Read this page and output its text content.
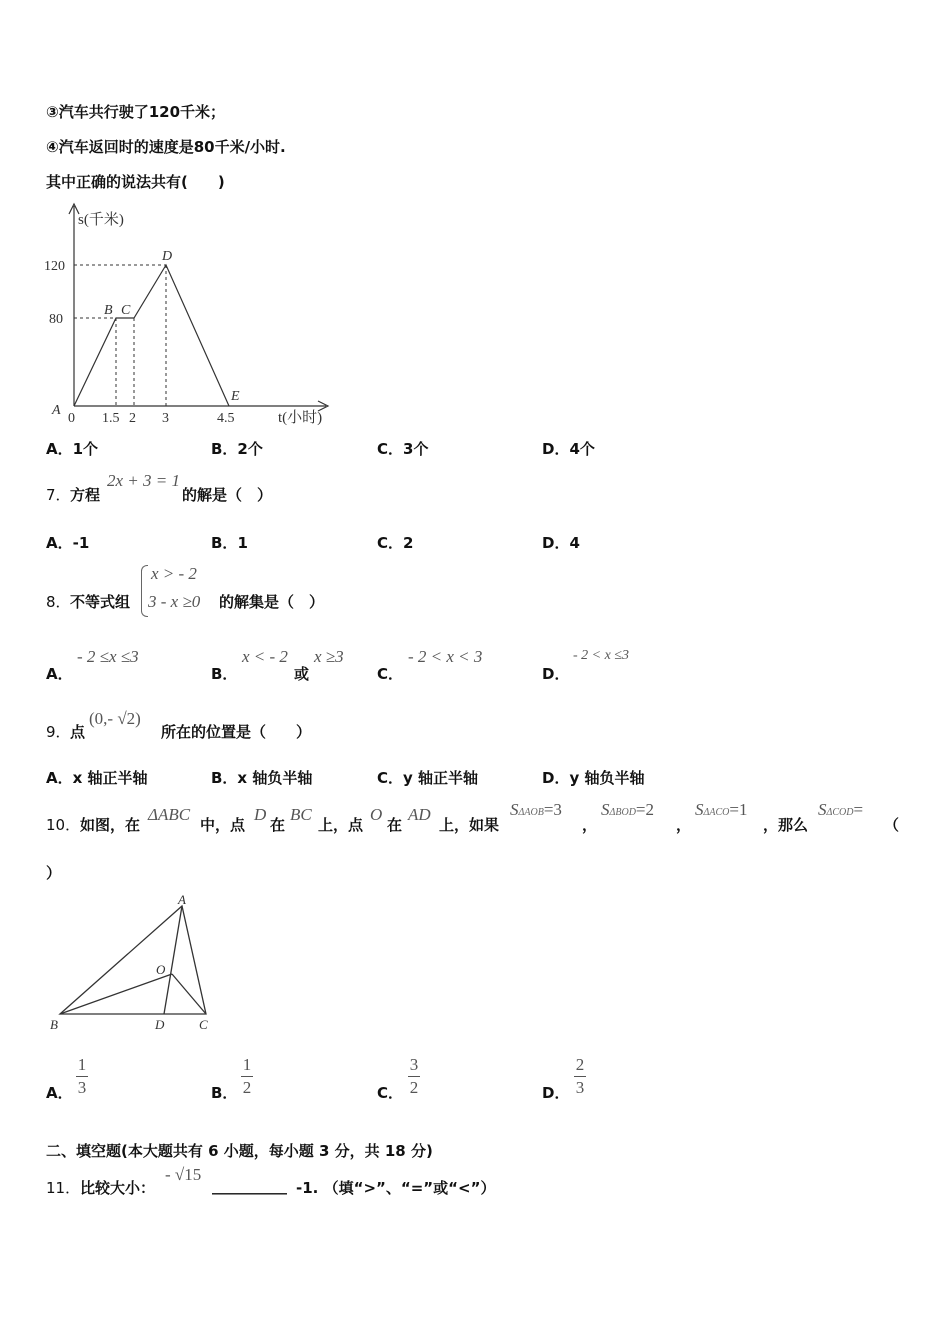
③汽车共行驶了120千米；
④汽车返回时的速度是80千米/小时.
其中正确的说法共有(　　)
s(千米)
120
80
0 1.5 2 3	4.5	t(小时)
A
B C
D
E
A．1个	B．2个	C．3个	D．4个
7． 方程
2x + 3 = 1
的解是（　）
A．-1	B．1	C．2	D．4
8． 不等式组
x > - 2
3 - x ≥0 的解集是（　）
A．
- 2 ≤x ≤3
B．
x < - 2
或
x ≥3
C．
- 2 < x < 3
D．
- 2 < x ≤3
9． 点
(0,- √2)
所在的位置是（　　）
A．x 轴正半轴	B．x 轴负半轴	C．y 轴正半轴	D．y 轴负半轴
10． 如图，在
ΔABC
中，点
D
在
BC
上，点
O
在
AD
上，如果
SΔAOB=3
，
SΔBOD=2
，
SΔACO=1
，那么
SΔCOD=
（
）
A
O
B	D	C
A．
1
3	B．
1
2	C．
3
2	D．
2
3
二、填空题(本大题共有 6 小题，每小题 3 分，共 18 分)
11． 比较大小：
- √15
__________ -1. （填“>”、“=”或“<”）
